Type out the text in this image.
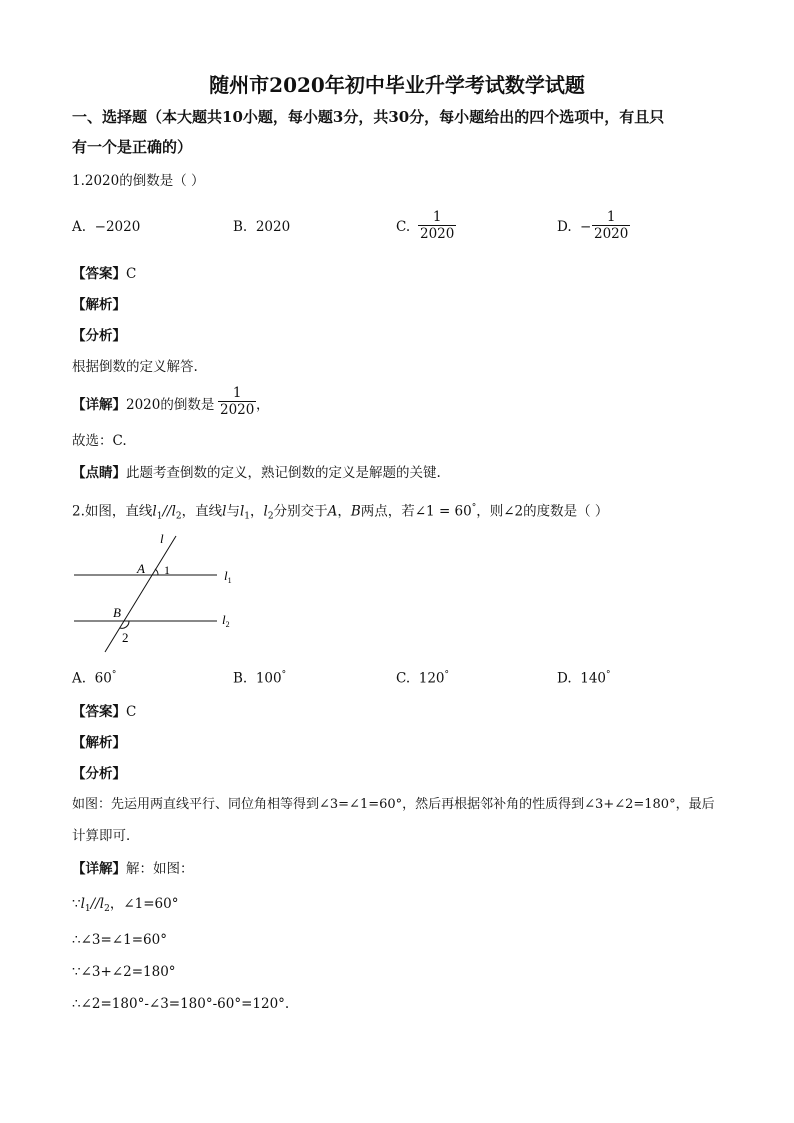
随州市2020年初中毕业升学考试数学试题
一、选择题（本大题共10小题，每小题3分，共30分，每小题给出的四个选项中，有且只
有一个是正确的）
1.2020的倒数是（ ）
A. −2020	B. 2020	C. $\frac{1}{2020}$	D. − $\frac{1}{2020}$
【答案】C
【解析】
【分析】
根据倒数的定义解答.
【详解】2020的倒数是 $\frac{1}{2020}$ ，
故选：C.
【点睛】此题考查倒数的定义，熟记倒数的定义是解题的关键.
2.如图，直线$l_1//l_2$，直线l与$l_1$，$l_2$分别交于A，B两点，若∠1 = 60°，则∠2的度数是（ ）
l
A 1	$l_1$
B	$l_2$
2
A. 60°	B. 100°	C. 120°	D. 140°
【答案】C
【解析】
【分析】
如图：先运用两直线平行、同位角相等得到∠3=∠1=60°，然后再根据邻补角的性质得到∠3+∠2=180°，最后
计算即可．
【详解】解：如图：
$\because l_1//l_2$，∠1=60°
∴∠3=∠1=60°
∵∠3+∠2=180°
∴∠2=180°-∠3=180°-60°=120°.
